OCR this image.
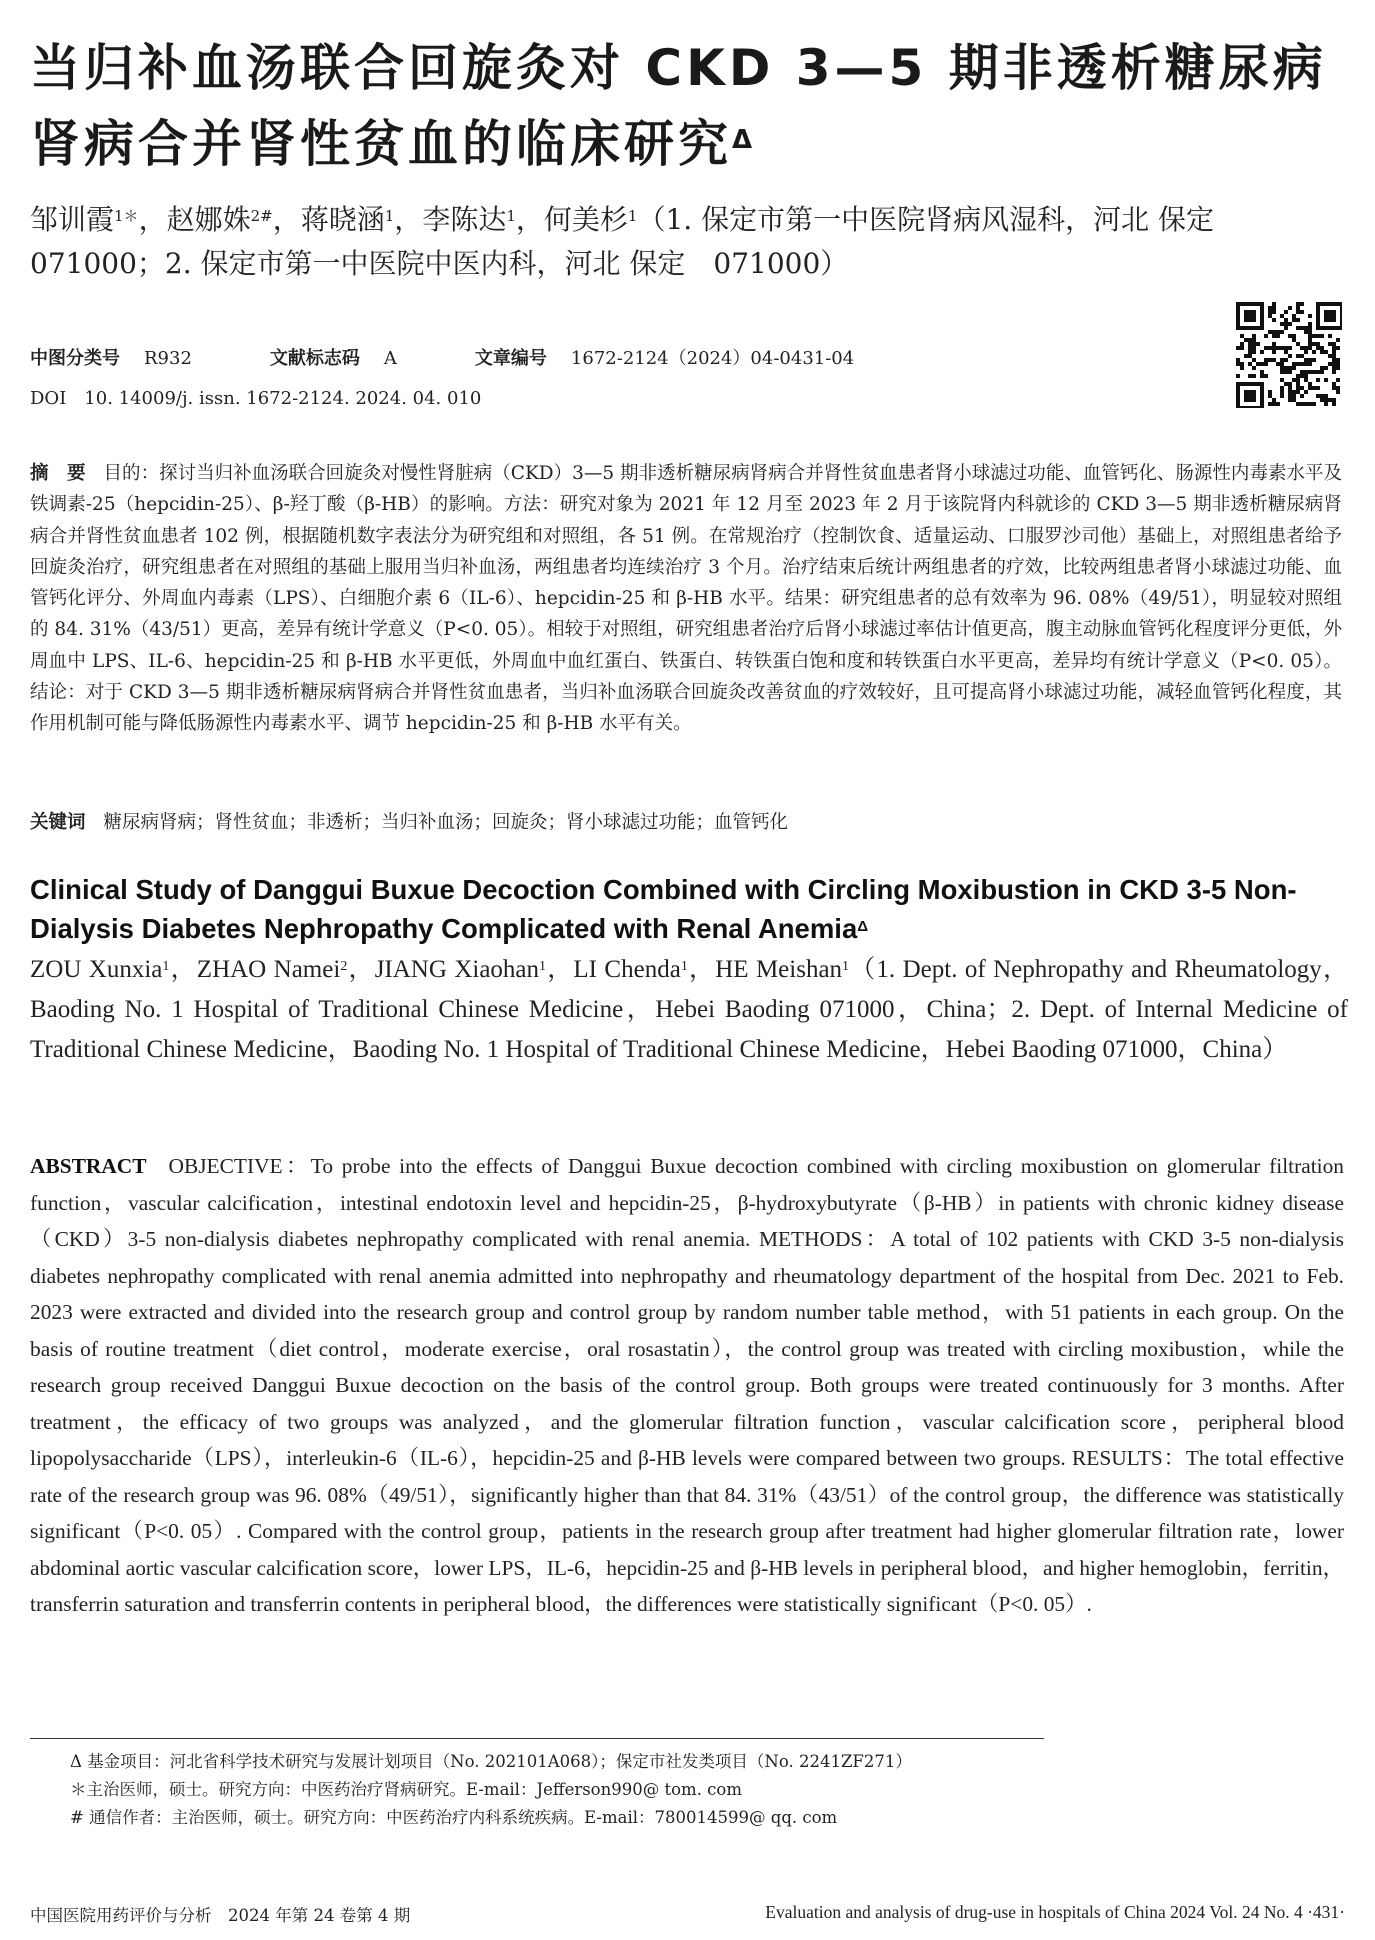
当归补血汤联合回旋灸对 CKD 3—5 期非透析糖尿病肾病合并肾性贫血的临床研究$^\Delta$
邹训霞$^{1*}$，赵娜姝$^{2\#}$，蒋晓涵$^1$，李陈达$^1$，何美杉$^1$（1. 保定市第一中医院肾病风湿科，河北 保定　071000；2. 保定市第一中医院中医内科，河北 保定　071000）
中图分类号 R932	文献标志码 A	文章编号 1672-2124（2024）04-0431-04
DOI　10. 14009/j. issn. 1672-2124. 2024. 04. 010
摘　要 目的：探讨当归补血汤联合回旋灸对慢性肾脏病（CKD）3—5 期非透析糖尿病肾病合并肾性贫血患者肾小球滤过功能、血管钙化、肠源性内毒素水平及铁调素-25（hepcidin-25）、β-羟丁酸（β-HB）的影响。方法：研究对象为 2021 年 12 月至 2023 年 2 月于该院肾内科就诊的 CKD 3—5 期非透析糖尿病肾病合并肾性贫血患者 102 例，根据随机数字表法分为研究组和对照组，各 51 例。在常规治疗（控制饮食、适量运动、口服罗沙司他）基础上，对照组患者给予回旋灸治疗，研究组患者在对照组的基础上服用当归补血汤，两组患者均连续治疗 3 个月。治疗结束后统计两组患者的疗效，比较两组患者肾小球滤过功能、血管钙化评分、外周血内毒素（LPS）、白细胞介素 6（IL-6）、hepcidin-25 和 β-HB 水平。结果：研究组患者的总有效率为 96. 08%（49/51），明显较对照组的 84. 31%（43/51）更高，差异有统计学意义（P<0. 05）。相较于对照组，研究组患者治疗后肾小球滤过率估计值更高，腹主动脉血管钙化程度评分更低，外周血中 LPS、IL-6、hepcidin-25 和 β-HB 水平更低，外周血中血红蛋白、铁蛋白、转铁蛋白饱和度和转铁蛋白水平更高，差异均有统计学意义（P<0. 05）。结论：对于 CKD 3—5 期非透析糖尿病肾病合并肾性贫血患者，当归补血汤联合回旋灸改善贫血的疗效较好，且可提高肾小球滤过功能，减轻血管钙化程度，其作用机制可能与降低肠源性内毒素水平、调节 hepcidin-25 和 β-HB 水平有关。
关键词 糖尿病肾病；肾性贫血；非透析；当归补血汤；回旋灸；肾小球滤过功能；血管钙化
Clinical Study of Danggui Buxue Decoction Combined with Circling Moxibustion in CKD 3-5 Non-Dialysis Diabetes Nephropathy Complicated with Renal Anemia$^\Delta$
ZOU Xunxia$^1$，ZHAO Namei$^2$，JIANG Xiaohan$^1$，LI Chenda$^1$，HE Meishan$^1$（1. Dept. of Nephropathy and Rheumatology，Baoding No. 1 Hospital of Traditional Chinese Medicine，Hebei Baoding 071000，China；2. Dept. of Internal Medicine of Traditional Chinese Medicine，Baoding No. 1 Hospital of Traditional Chinese Medicine，Hebei Baoding 071000，China）
ABSTRACT OBJECTIVE：To probe into the effects of Danggui Buxue decoction combined with circling moxibustion on glomerular filtration function，vascular calcification，intestinal endotoxin level and hepcidin-25，β-hydroxybutyrate（β-HB）in patients with chronic kidney disease（CKD）3-5 non-dialysis diabetes nephropathy complicated with renal anemia. METHODS：A total of 102 patients with CKD 3-5 non-dialysis diabetes nephropathy complicated with renal anemia admitted into nephropathy and rheumatology department of the hospital from Dec. 2021 to Feb. 2023 were extracted and divided into the research group and control group by random number table method，with 51 patients in each group. On the basis of routine treatment（diet control，moderate exercise，oral rosastatin），the control group was treated with circling moxibustion，while the research group received Danggui Buxue decoction on the basis of the control group. Both groups were treated continuously for 3 months. After treatment，the efficacy of two groups was analyzed，and the glomerular filtration function，vascular calcification score，peripheral blood lipopolysaccharide（LPS），interleukin-6（IL-6），hepcidin-25 and β-HB levels were compared between two groups. RESULTS：The total effective rate of the research group was 96. 08%（49/51），significantly higher than that 84. 31%（43/51）of the control group，the difference was statistically significant（P<0. 05）. Compared with the control group，patients in the research group after treatment had higher glomerular filtration rate，lower abdominal aortic vascular calcification score，lower LPS，IL-6，hepcidin-25 and β-HB levels in peripheral blood，and higher hemoglobin，ferritin，transferrin saturation and transferrin contents in peripheral blood，the differences were statistically significant（P<0. 05）.
Δ 基金项目：河北省科学技术研究与发展计划项目（No. 202101A068）；保定市社发类项目（No. 2241ZF271）
＊主治医师，硕士。研究方向：中医药治疗肾病研究。E-mail：Jefferson990@ tom. com
# 通信作者：主治医师，硕士。研究方向：中医药治疗内科系统疾病。E-mail：780014599@ qq. com
中国医院用药评价与分析　2024 年第 24 卷第 4 期	Evaluation and analysis of drug-use in hospitals of China 2024 Vol. 24 No. 4 ·431·
